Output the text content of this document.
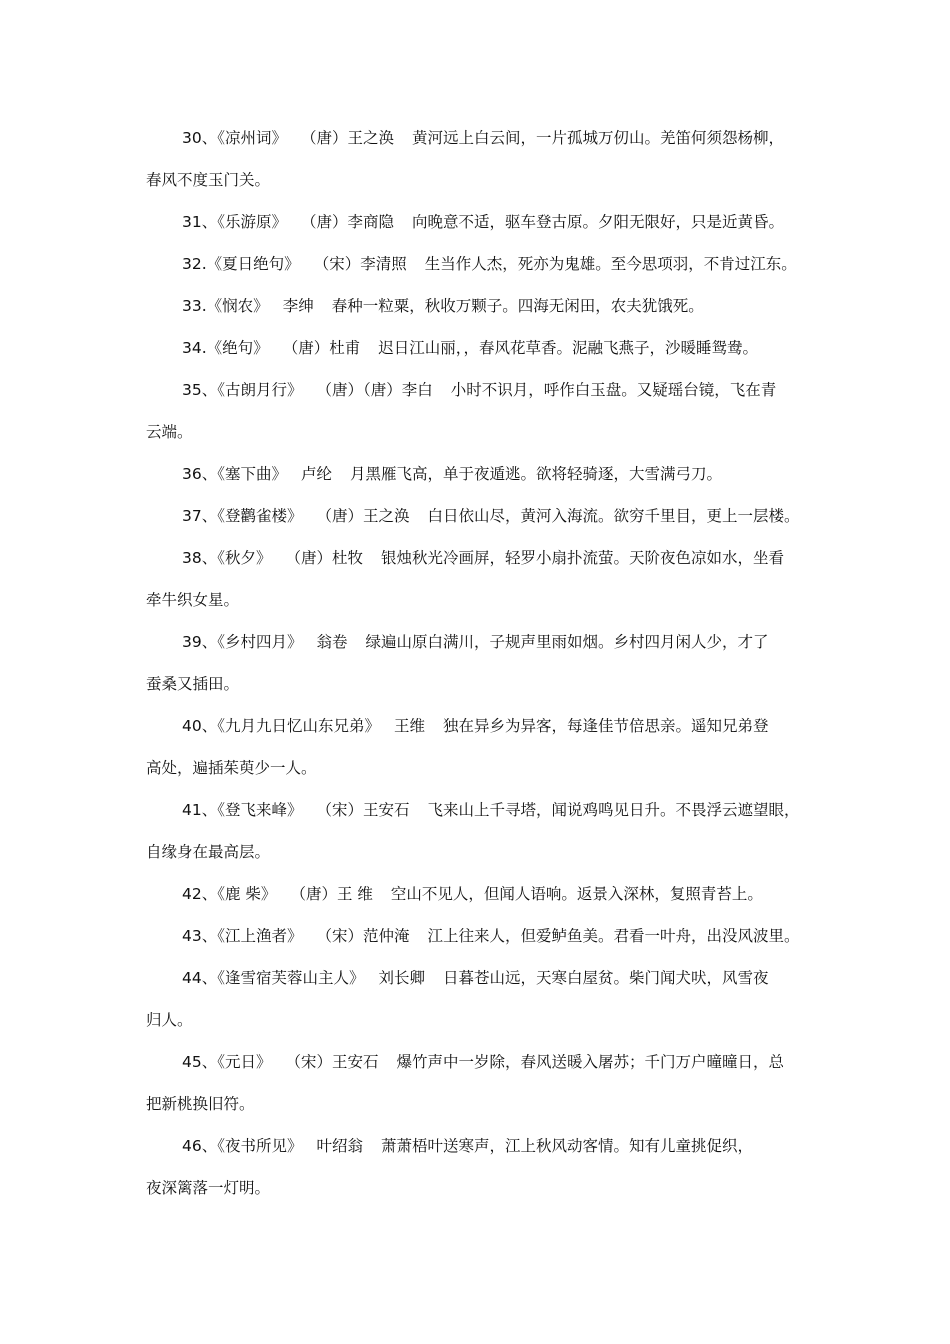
30、《凉州词》 （唐）王之涣 黄河远上白云间，一片孤城万仞山。羌笛何须怨杨柳，
春风不度玉门关。
31、《乐游原》 （唐）李商隐 向晚意不适，驱车登古原。夕阳无限好，只是近黄昏。
32.《夏日绝句》 （宋）李清照 生当作人杰，死亦为鬼雄。至今思项羽，不肯过江东。
33.《悯农》 李绅 春种一粒粟，秋收万颗子。四海无闲田，农夫犹饿死。
34.《绝句》 （唐）杜甫 迟日江山丽，，春风花草香。泥融飞燕子，沙暖睡鸳鸯。
35、《古朗月行》 （唐）（唐）李白 小时不识月，呼作白玉盘。又疑瑶台镜，飞在青
云端。
36、《塞下曲》 卢纶 月黑雁飞高，单于夜遁逃。欲将轻骑逐，大雪满弓刀。
37、《登鹳雀楼》 （唐）王之涣 白日依山尽，黄河入海流。欲穷千里目，更上一层楼。
38、《秋夕》 （唐）杜牧 银烛秋光冷画屏，轻罗小扇扑流萤。天阶夜色凉如水，坐看
牵牛织女星。
39、《乡村四月》 翁卷 绿遍山原白满川，子规声里雨如烟。乡村四月闲人少，才了
蚕桑又插田。
40、《九月九日忆山东兄弟》 王维 独在异乡为异客，每逢佳节倍思亲。遥知兄弟登
高处，遍插茱萸少一人。
41、《登飞来峰》 （宋）王安石 飞来山上千寻塔，闻说鸡鸣见日升。不畏浮云遮望眼，
自缘身在最高层。
42、《鹿 柴》 （唐）王 维 空山不见人，但闻人语响。返景入深林，复照青苔上。
43、《江上渔者》 （宋）范仲淹 江上往来人，但爱鲈鱼美。君看一叶舟，出没风波里。
44、《逢雪宿芙蓉山主人》 刘长卿 日暮苍山远，天寒白屋贫。柴门闻犬吠，风雪夜
归人。
45、《元日》 （宋）王安石 爆竹声中一岁除，春风送暖入屠苏；千门万户曈曈日，总
把新桃换旧符。
46、《夜书所见》 叶绍翁 萧萧梧叶送寒声，江上秋风动客情。知有儿童挑促织，
夜深篱落一灯明。
